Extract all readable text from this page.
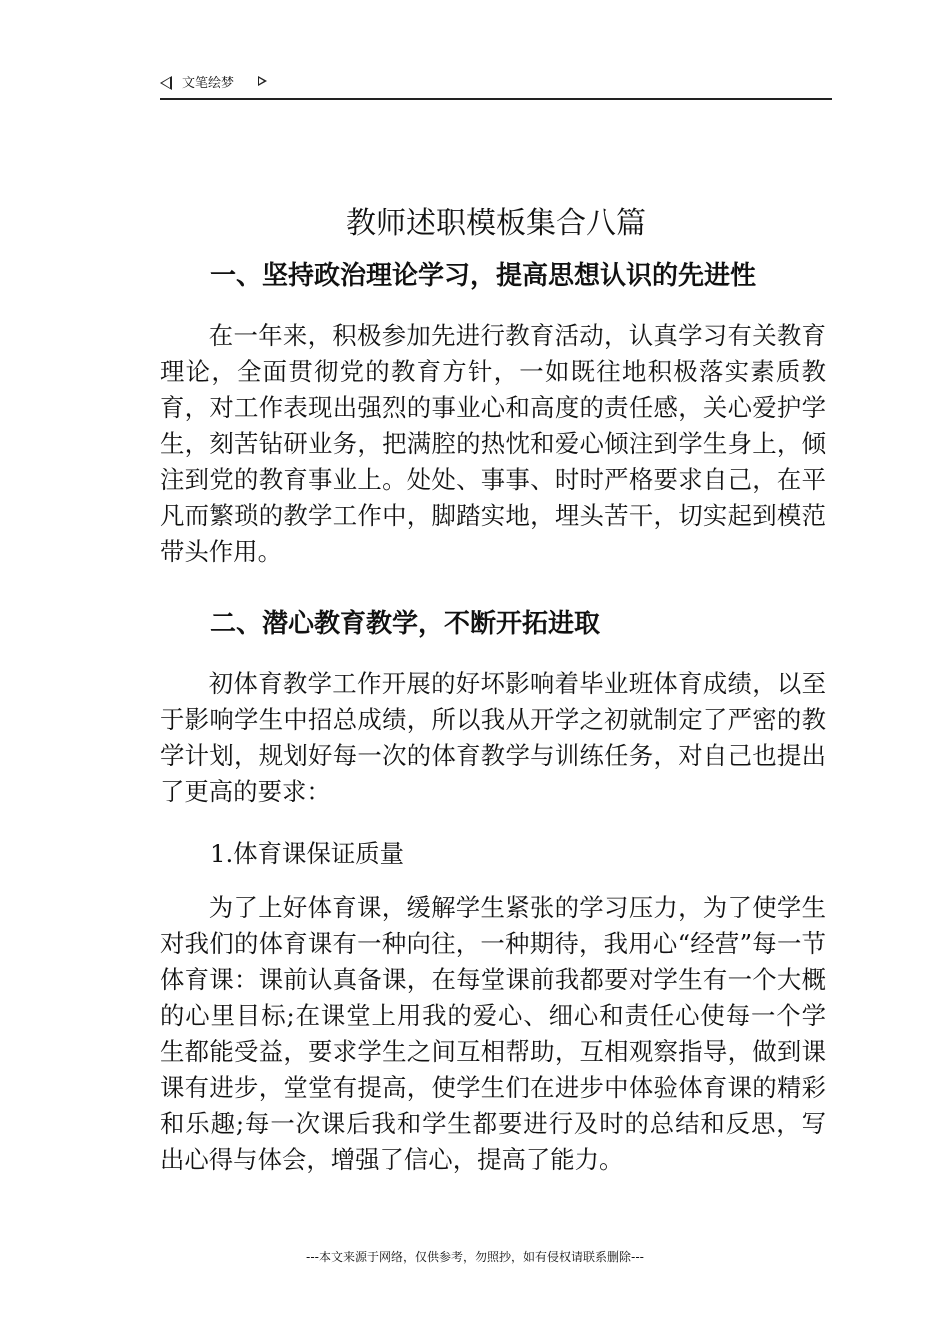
文笔绘梦
教师述职模板集合八篇
一、坚持政治理论学习，提高思想认识的先进性

在一年来，积极参加先进行教育活动，认真学习有关教育理论，全面贯彻党的教育方针，一如既往地积极落实素质教育，对工作表现出强烈的事业心和高度的责任感，关心爱护学生，刻苦钻研业务，把满腔的热忱和爱心倾注到学生身上，倾注到党的教育事业上。处处、事事、时时严格要求自己，在平凡而繁琐的教学工作中，脚踏实地，埋头苦干，切实起到模范带头作用。

二、潜心教育教学，不断开拓进取

初体育教学工作开展的好坏影响着毕业班体育成绩，以至于影响学生中招总成绩，所以我从开学之初就制定了严密的教学计划，规划好每一次的体育教学与训练任务，对自己也提出了更高的要求：

1.体育课保证质量

为了上好体育课，缓解学生紧张的学习压力，为了使学生对我们的体育课有一种向往，一种期待，我用心“经营”每一节体育课：课前认真备课，在每堂课前我都要对学生有一个大概的心里目标;在课堂上用我的爱心、细心和责任心使每一个学生都能受益，要求学生之间互相帮助，互相观察指导，做到课课有进步，堂堂有提高，使学生们在进步中体验体育课的精彩和乐趣;每一次课后我和学生都要进行及时的总结和反思，写出心得与体会，增强了信心，提高了能力。

---本文来源于网络，仅供参考，勿照抄，如有侵权请联系删除---
